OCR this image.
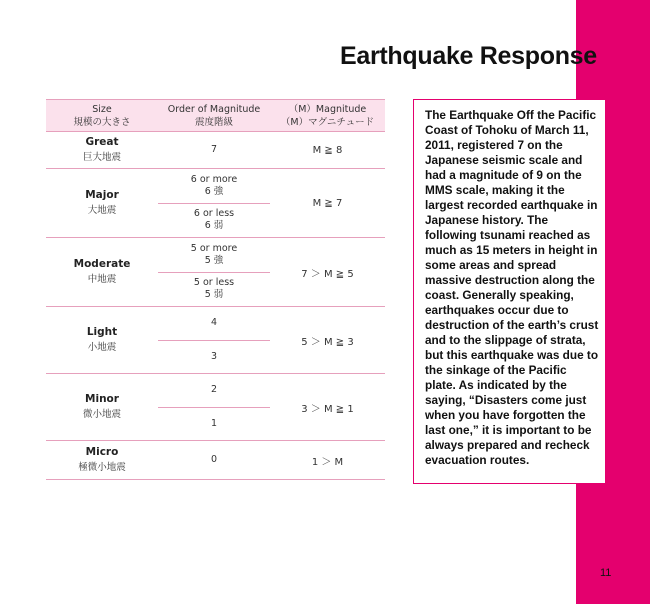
Earthquake Response
Size
規模の大きさ
Order of Magnitude
震度階級
（M）Magnitude
（M）マグニチュード
Great
巨大地震
7	M ≧ 8
Major
大地震
6 or more
6 強
6 or less
6 弱
M ≧ 7
Moderate
中地震
5 or more
5 強
5 or less
5 弱
7 ＞ M ≧ 5
Light
小地震
4
3
5 ＞ M ≧ 3
Minor
微小地震
2
1
3 ＞ M ≧ 1
Micro
極微小地震
0	1 ＞ M

The Earthquake Off the Pacific Coast of Tohoku of March 11, 2011, registered 7 on the Japanese seismic scale and had a magnitude of 9 on the MMS scale, making it the largest recorded earthquake in Japanese history. The following tsunami reached as much as 15 meters in height in some areas and spread massive destruction along the coast. Generally speaking, earthquakes occur due to destruction of the earth’s crust and to the slippage of strata, but this earthquake was due to the sinkage of the Pacific plate. As indicated by the saying, “Disasters come just when you have forgotten the last one,” it is important to be always prepared and recheck evacuation routes.

11
